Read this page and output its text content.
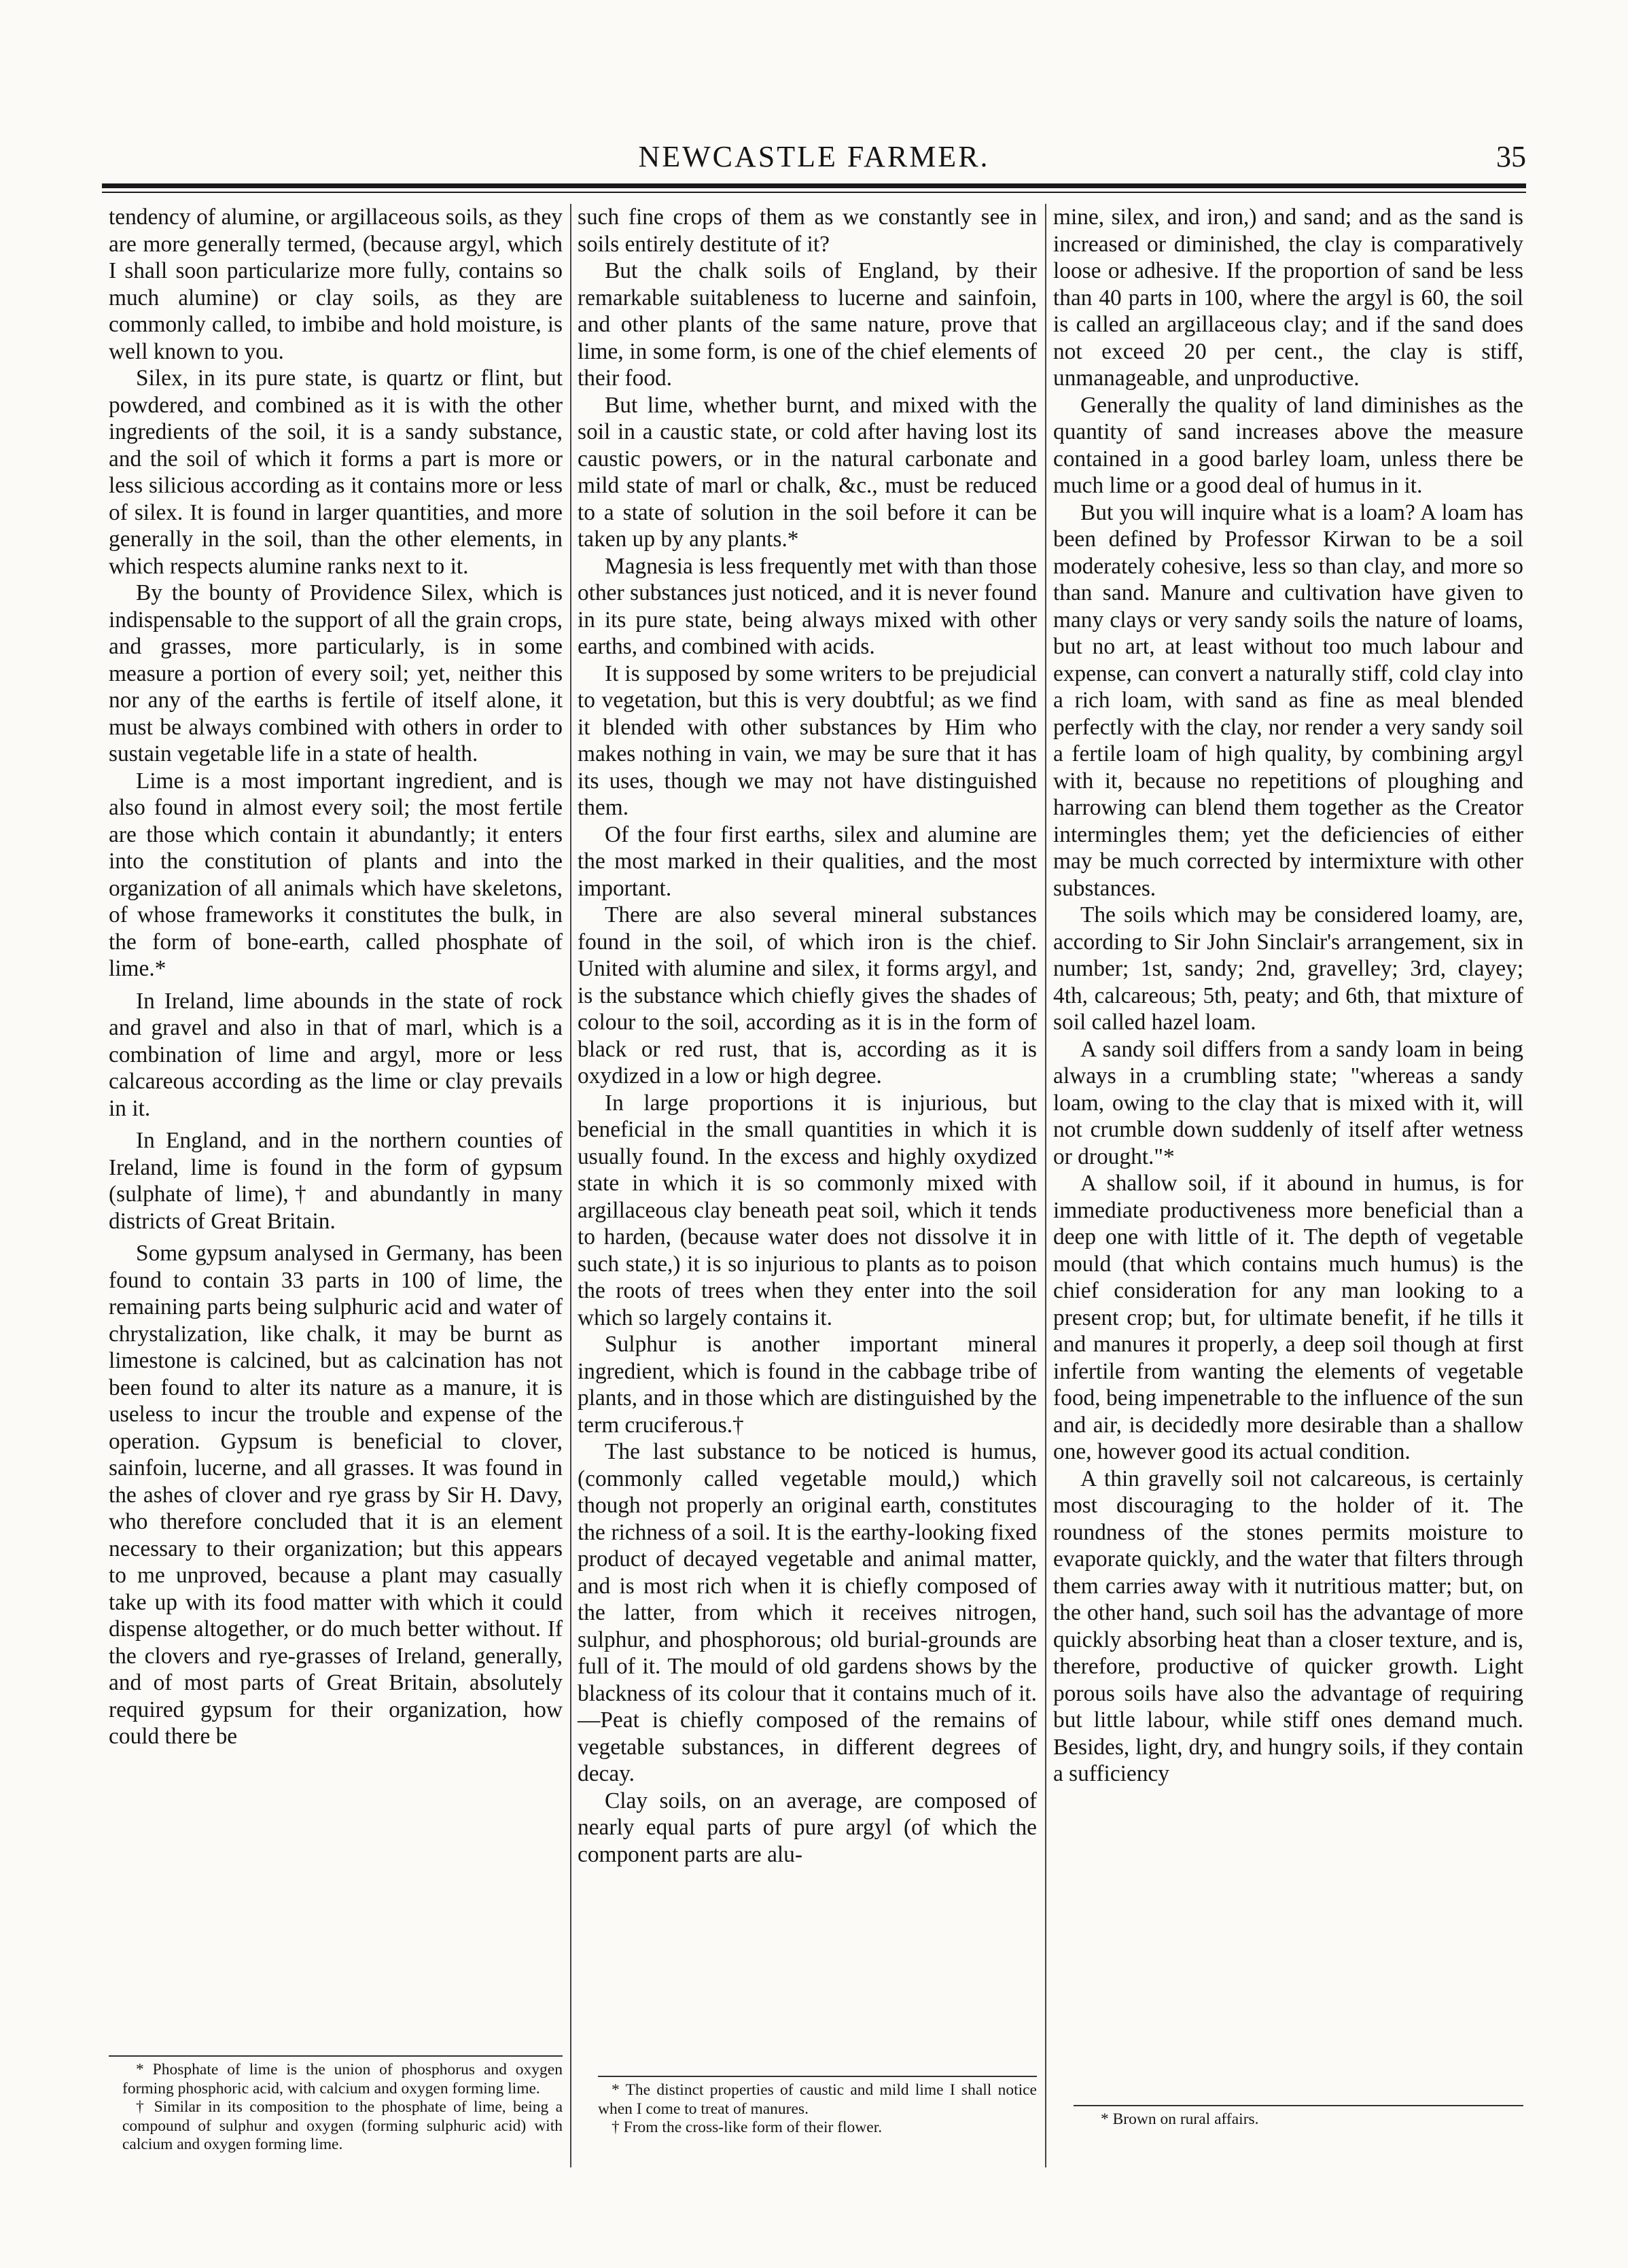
NEWCASTLE FARMER.	35

tendency of alumine, or argillaceous soils, as they are more generally termed, (because argyl, which I shall soon particularize more fully, contains so much alumine) or clay soils, as they are commonly called, to imbibe and hold moisture, is well known to you.

Silex, in its pure state, is quartz or flint, but powdered, and combined as it is with the other ingredients of the soil, it is a sandy substance, and the soil of which it forms a part is more or less silicious according as it contains more or less of silex. It is found in larger quantities, and more generally in the soil, than the other elements, in which respects alumine ranks next to it.

By the bounty of Providence Silex, which is indispensable to the support of all the grain crops, and grasses, more particularly, is in some measure a portion of every soil; yet, neither this nor any of the earths is fertile of itself alone, it must be always combined with others in order to sustain vegetable life in a state of health.

Lime is a most important ingredient, and is also found in almost every soil; the most fertile are those which contain it abundantly; it enters into the constitution of plants and into the organization of all animals which have skeletons, of whose frameworks it constitutes the bulk, in the form of bone-earth, called phosphate of lime.*

In Ireland, lime abounds in the state of rock and gravel and also in that of marl, which is a combination of lime and argyl, more or less calcareous according as the lime or clay prevails in it.

In England, and in the northern counties of Ireland, lime is found in the form of gypsum (sulphate of lime),† and abundantly in many districts of Great Britain.

Some gypsum analysed in Germany, has been found to contain 33 parts in 100 of lime, the remaining parts being sulphuric acid and water of chrystalization, like chalk, it may be burnt as limestone is calcined, but as calcination has not been found to alter its nature as a manure, it is useless to incur the trouble and expense of the operation. Gypsum is beneficial to clover, sainfoin, lucerne, and all grasses. It was found in the ashes of clover and rye grass by Sir H. Davy, who therefore concluded that it is an element necessary to their organization; but this appears to me unproved, because a plant may casually take up with its food matter with which it could dispense altogether, or do much better without. If the clovers and rye-grasses of Ireland, generally, and of most parts of Great Britain, absolutely required gypsum for their organization, how could there be

such fine crops of them as we constantly see in soils entirely destitute of it?

But the chalk soils of England, by their remarkable suitableness to lucerne and sainfoin, and other plants of the same nature, prove that lime, in some form, is one of the chief elements of their food.

But lime, whether burnt, and mixed with the soil in a caustic state, or cold after having lost its caustic powers, or in the natural carbonate and mild state of marl or chalk, &c., must be reduced to a state of solution in the soil before it can be taken up by any plants.*

Magnesia is less frequently met with than those other substances just noticed, and it is never found in its pure state, being always mixed with other earths, and combined with acids.

It is supposed by some writers to be prejudicial to vegetation, but this is very doubtful; as we find it blended with other substances by Him who makes nothing in vain, we may be sure that it has its uses, though we may not have distinguished them.

Of the four first earths, silex and alumine are the most marked in their qualities, and the most important.

There are also several mineral substances found in the soil, of which iron is the chief. United with alumine and silex, it forms argyl, and is the substance which chiefly gives the shades of colour to the soil, according as it is in the form of black or red rust, that is, according as it is oxydized in a low or high degree.

In large proportions it is injurious, but beneficial in the small quantities in which it is usually found. In the excess and highly oxydized state in which it is so commonly mixed with argillaceous clay beneath peat soil, which it tends to harden, (because water does not dissolve it in such state,) it is so injurious to plants as to poison the roots of trees when they enter into the soil which so largely contains it.

Sulphur is another important mineral ingredient, which is found in the cabbage tribe of plants, and in those which are distinguished by the term cruciferous.†

The last substance to be noticed is humus, (commonly called vegetable mould,) which though not properly an original earth, constitutes the richness of a soil. It is the earthy-looking fixed product of decayed vegetable and animal matter, and is most rich when it is chiefly composed of the latter, from which it receives nitrogen, sulphur, and phosphorous; old burial-grounds are full of it. The mould of old gardens shows by the blackness of its colour that it contains much of it.—Peat is chiefly composed of the remains of vegetable substances, in different degrees of decay.

Clay soils, on an average, are composed of nearly equal parts of pure argyl (of which the component parts are alu-

mine, silex, and iron,) and sand; and as the sand is increased or diminished, the clay is comparatively loose or adhesive. If the proportion of sand be less than 40 parts in 100, where the argyl is 60, the soil is called an argillaceous clay; and if the sand does not exceed 20 per cent., the clay is stiff, unmanageable, and unproductive.

Generally the quality of land diminishes as the quantity of sand increases above the measure contained in a good barley loam, unless there be much lime or a good deal of humus in it.

But you will inquire what is a loam? A loam has been defined by Professor Kirwan to be a soil moderately cohesive, less so than clay, and more so than sand. Manure and cultivation have given to many clays or very sandy soils the nature of loams, but no art, at least without too much labour and expense, can convert a naturally stiff, cold clay into a rich loam, with sand as fine as meal blended perfectly with the clay, nor render a very sandy soil a fertile loam of high quality, by combining argyl with it, because no repetitions of ploughing and harrowing can blend them together as the Creator intermingles them; yet the deficiencies of either may be much corrected by intermixture with other substances.

The soils which may be considered loamy, are, according to Sir John Sinclair's arrangement, six in number; 1st, sandy; 2nd, gravelley; 3rd, clayey; 4th, calcareous; 5th, peaty; and 6th, that mixture of soil called hazel loam.

A sandy soil differs from a sandy loam in being always in a crumbling state; "whereas a sandy loam, owing to the clay that is mixed with it, will not crumble down suddenly of itself after wetness or drought."*

A shallow soil, if it abound in humus, is for immediate productiveness more beneficial than a deep one with little of it. The depth of vegetable mould (that which contains much humus) is the chief consideration for any man looking to a present crop; but, for ultimate benefit, if he tills it and manures it properly, a deep soil though at first infertile from wanting the elements of vegetable food, being impenetrable to the influence of the sun and air, is decidedly more desirable than a shallow one, however good its actual condition.

A thin gravelly soil not calcareous, is certainly most discouraging to the holder of it. The roundness of the stones permits moisture to evaporate quickly, and the water that filters through them carries away with it nutritious matter; but, on the other hand, such soil has the advantage of more quickly absorbing heat than a closer texture, and is, therefore, productive of quicker growth. Light porous soils have also the advantage of requiring but little labour, while stiff ones demand much. Besides, light, dry, and hungry soils, if they contain a sufficiency

* Phosphate of lime is the union of phosphorus and oxygen forming phosphoric acid, with calcium and oxygen forming lime.

† Similar in its composition to the phosphate of lime, being a compound of sulphur and oxygen (forming sulphuric acid) with calcium and oxygen forming lime.

* The distinct properties of caustic and mild lime I shall notice when I come to treat of manures.

† From the cross-like form of their flower.	* Brown on rural affairs.
